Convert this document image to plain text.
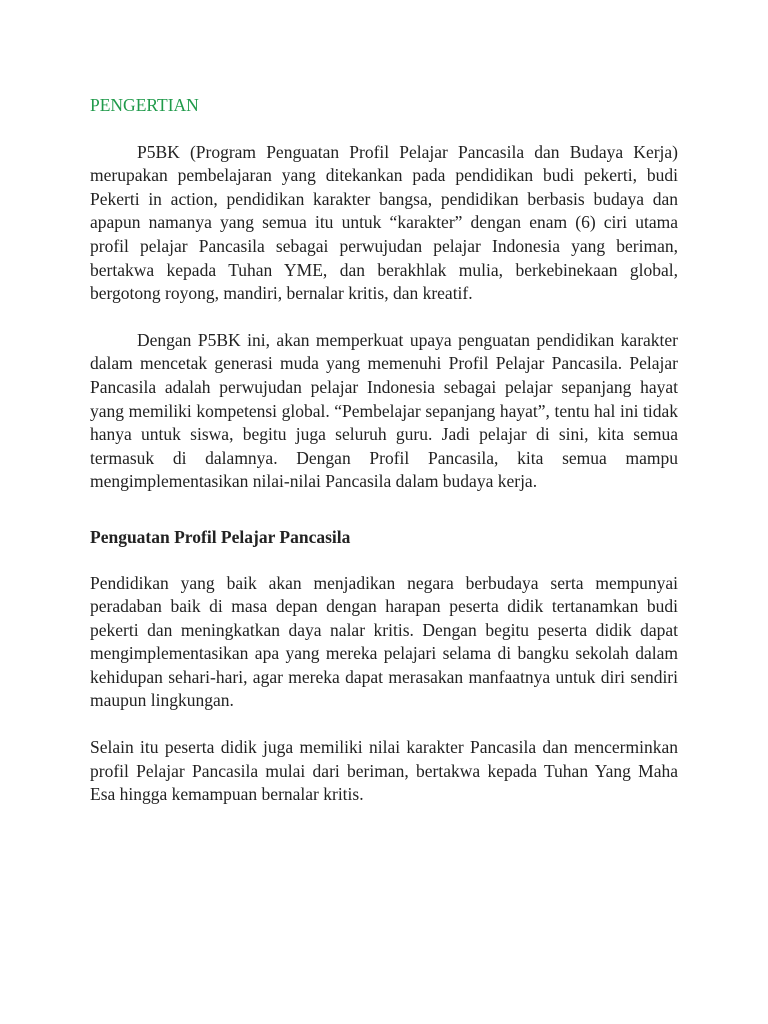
PENGERTIAN

P5BK (Program Penguatan Profil Pelajar Pancasila dan Budaya Kerja) merupakan pembelajaran yang ditekankan pada pendidikan budi pekerti, budi Pekerti in action, pendidikan karakter bangsa, pendidikan berbasis budaya dan apapun namanya yang semua itu untuk “karakter” dengan enam (6) ciri utama profil pelajar Pancasila sebagai perwujudan pelajar Indonesia yang beriman, bertakwa kepada Tuhan YME, dan berakhlak mulia, berkebinekaan global, bergotong royong, mandiri, bernalar kritis, dan kreatif.

Dengan P5BK ini, akan memperkuat upaya penguatan pendidikan karakter dalam mencetak generasi muda yang memenuhi Profil Pelajar Pancasila. Pelajar Pancasila adalah perwujudan pelajar Indonesia sebagai pelajar sepanjang hayat yang memiliki kompetensi global. “Pembelajar sepanjang hayat”, tentu hal ini tidak hanya untuk siswa, begitu juga seluruh guru. Jadi pelajar di sini, kita semua termasuk di dalamnya. Dengan Profil Pancasila, kita semua mampu mengimplementasikan nilai-nilai Pancasila dalam budaya kerja.

Penguatan Profil Pelajar Pancasila

Pendidikan yang baik akan menjadikan negara berbudaya serta mempunyai peradaban baik di masa depan dengan harapan peserta didik tertanamkan budi pekerti dan meningkatkan daya nalar kritis. Dengan begitu peserta didik dapat mengimplementasikan apa yang mereka pelajari selama di bangku sekolah dalam kehidupan sehari-hari, agar mereka dapat merasakan manfaatnya untuk diri sendiri maupun lingkungan.

Selain itu peserta didik juga memiliki nilai karakter Pancasila dan mencerminkan profil Pelajar Pancasila mulai dari beriman, bertakwa kepada Tuhan Yang Maha Esa hingga kemampuan bernalar kritis.
